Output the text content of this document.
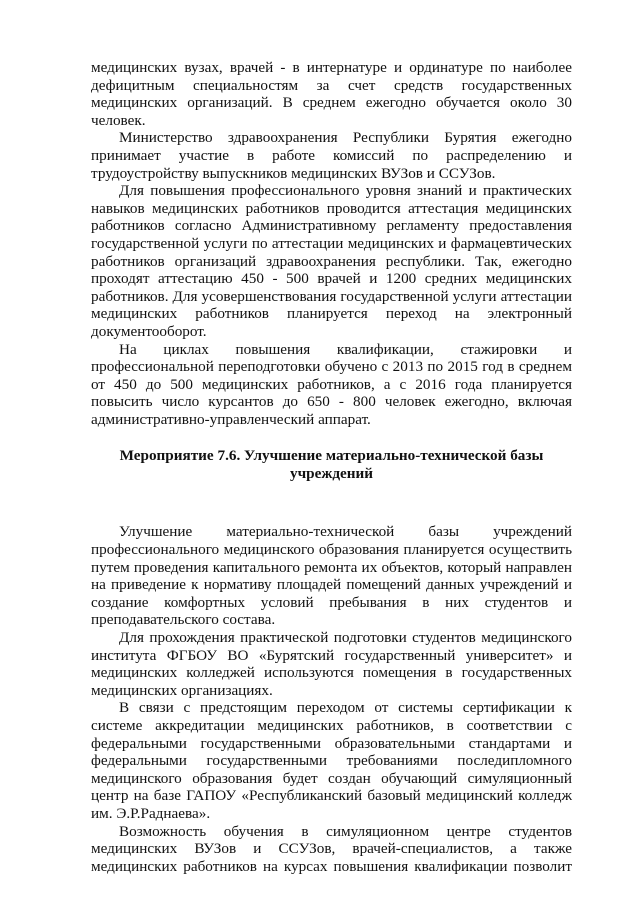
медицинских вузах, врачей - в интернатуре и ординатуре по наиболее дефицитным специальностям за счет средств государственных медицинских организаций. В среднем ежегодно обучается около 30 человек.

Министерство здравоохранения Республики Бурятия ежегодно принимает участие в работе комиссий по распределению и трудоустройству выпускников медицинских ВУЗов и ССУЗов.

Для повышения профессионального уровня знаний и практических навыков медицинских работников проводится аттестация медицинских работников согласно Административному регламенту предоставления государственной услуги по аттестации медицинских и фармацевтических работников организаций здравоохранения республики. Так, ежегодно проходят аттестацию 450 - 500 врачей и 1200 средних медицинских работников. Для усовершенствования государственной услуги аттестации медицинских работников планируется переход на электронный документооборот.

На циклах повышения квалификации, стажировки и профессиональной переподготовки обучено с 2013 по 2015 год в среднем от 450 до 500 медицинских работников, а с 2016 года планируется повысить число курсантов до 650 - 800 человек ежегодно, включая административно-управленческий аппарат.

Мероприятие 7.6. Улучшение материально-технической базы учреждений

Улучшение материально-технической базы учреждений профессионального медицинского образования планируется осуществить путем проведения капитального ремонта их объектов, который направлен на приведение к нормативу площадей помещений данных учреждений и создание комфортных условий пребывания в них студентов и преподавательского состава.

Для прохождения практической подготовки студентов медицинского института ФГБОУ ВО «Бурятский государственный университет» и медицинских колледжей используются помещения в государственных медицинских организациях.

В связи с предстоящим переходом от системы сертификации к системе аккредитации медицинских работников, в соответствии с федеральными государственными образовательными стандартами и федеральными государственными требованиями последипломного медицинского образования будет создан обучающий симуляционный центр на базе ГАПОУ «Республиканский базовый медицинский колледж им. Э.Р.Раднаева».

Возможность обучения в симуляционном центре студентов медицинских ВУЗов и ССУЗов, врачей-специалистов, а также медицинских работников на курсах повышения квалификации позволит
